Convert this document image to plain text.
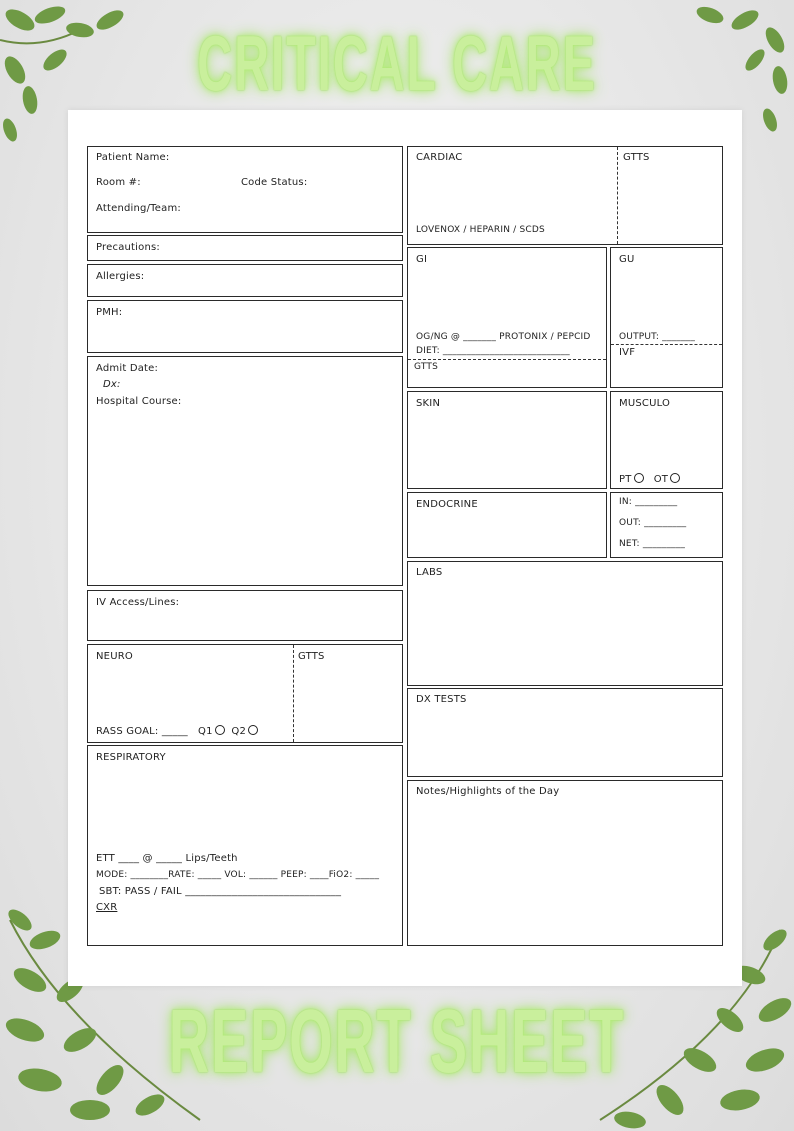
CRITICAL CARE
Patient Name:
Room #:	Code Status:
Attending/Team:
Precautions:
Allergies:
PMH:
Admit Date:
Dx:
Hospital Course:
IV Access/Lines:
NEURO	GTTS
RASS GOAL: _____ Q1 Q2
RESPIRATORY
ETT ____ @ _____ Lips/Teeth
MODE: ________RATE: _____ VOL: ______ PEEP: ____FiO2: _____
SBT: PASS / FAIL ______________________________
CXR
CARDIAC	GTTS
LOVENOX / HEPARIN / SCDS
GI
OG/NG @ _______ PROTONIX / PEPCID
DIET: ___________________________
GTTS
GU
OUTPUT: _______
IVF
SKIN	MUSCULO
PT OT
ENDOCRINE	IN: _________
OUT: _________
NET: _________
LABS
DX TESTS
Notes/Highlights of the Day
REPORT SHEET
